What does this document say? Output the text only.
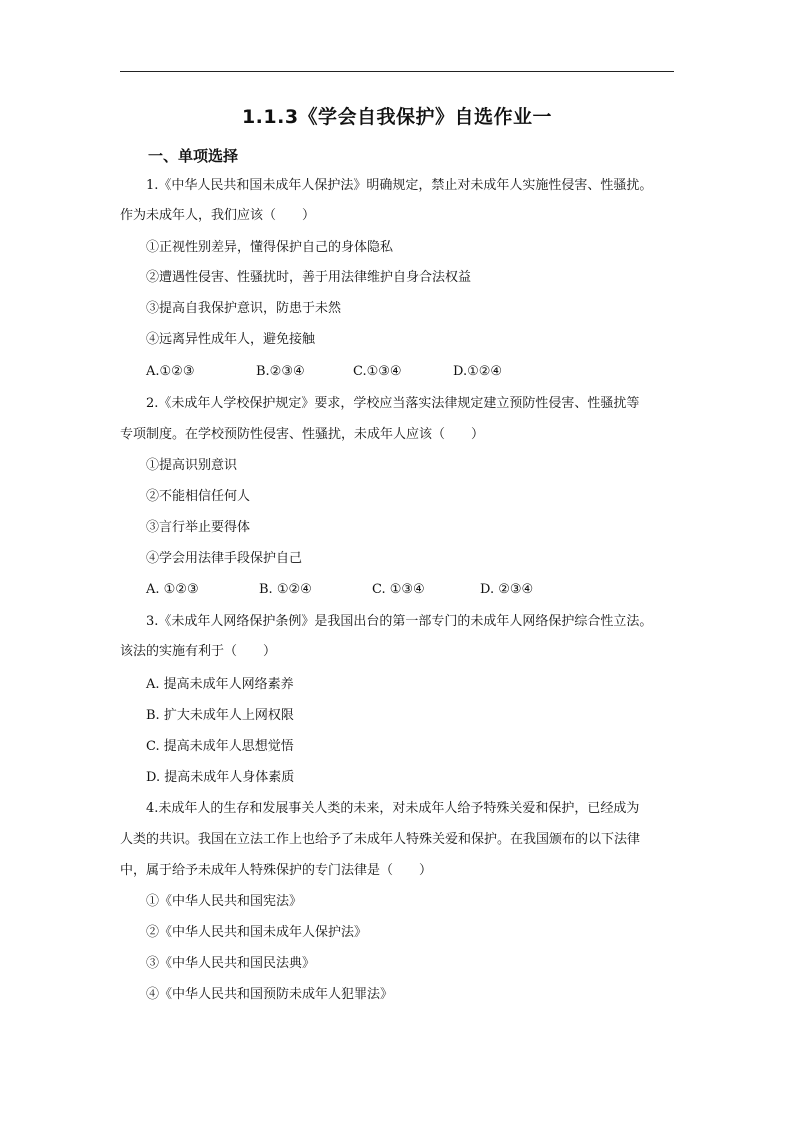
1.1.3《学会自我保护》自选作业一
一、单项选择
1.《中华人民共和国未成年人保护法》明确规定，禁止对未成年人实施性侵害、性骚扰。
作为未成年人，我们应该（　　）
①正视性别差异，懂得保护自己的身体隐私
②遭遇性侵害、性骚扰时，善于用法律维护自身合法权益
③提高自我保护意识，防患于未然
④远离异性成年人，避免接触
A.①②③	B.②③④	C.①③④	D.①②④
2.《未成年人学校保护规定》要求，学校应当落实法律规定建立预防性侵害、性骚扰等
专项制度。在学校预防性侵害、性骚扰，未成年人应该（　　）
①提高识别意识
②不能相信任何人
③言行举止要得体
④学会用法律手段保护自己
A. ①②③	B. ①②④	C. ①③④	D. ②③④
3.《未成年人网络保护条例》是我国出台的第一部专门的未成年人网络保护综合性立法。
该法的实施有利于（　　）
A. 提高未成年人网络素养
B. 扩大未成年人上网权限
C. 提高未成年人思想觉悟
D. 提高未成年人身体素质
4.未成年人的生存和发展事关人类的未来，对未成年人给予特殊关爱和保护，已经成为
人类的共识。我国在立法工作上也给予了未成年人特殊关爱和保护。在我国颁布的以下法律
中，属于给予未成年人特殊保护的专门法律是（　　）
①《中华人民共和国宪法》
②《中华人民共和国未成年人保护法》
③《中华人民共和国民法典》
④《中华人民共和国预防未成年人犯罪法》
